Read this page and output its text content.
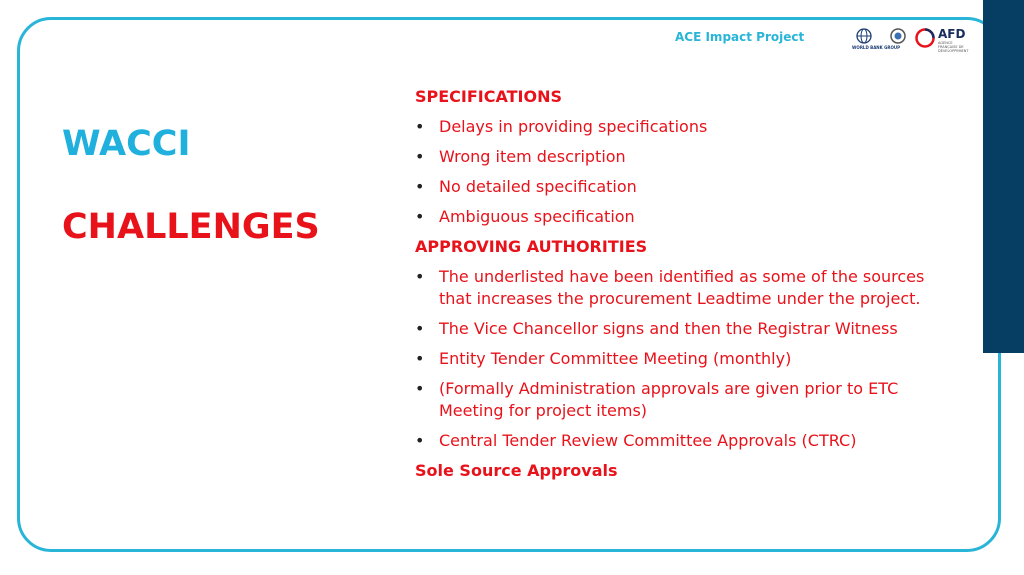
ACE Impact Project
WORLD BANK GROUP
AFD
AGENCE FRANÇAISE DE DÉVELOPPEMENT
WACCI
CHALLENGES
SPECIFICATIONS
• Delays in providing specifications
• Wrong item description
• No detailed specification
• Ambiguous specification
APPROVING AUTHORITIES
• The underlisted have been identified as some of the sources that increases the procurement Leadtime under the project.
• The Vice Chancellor signs and then the Registrar Witness
• Entity Tender Committee Meeting (monthly)
• (Formally Administration approvals are given prior to ETC Meeting for project items)
• Central Tender Review Committee Approvals (CTRC)
Sole Source Approvals
